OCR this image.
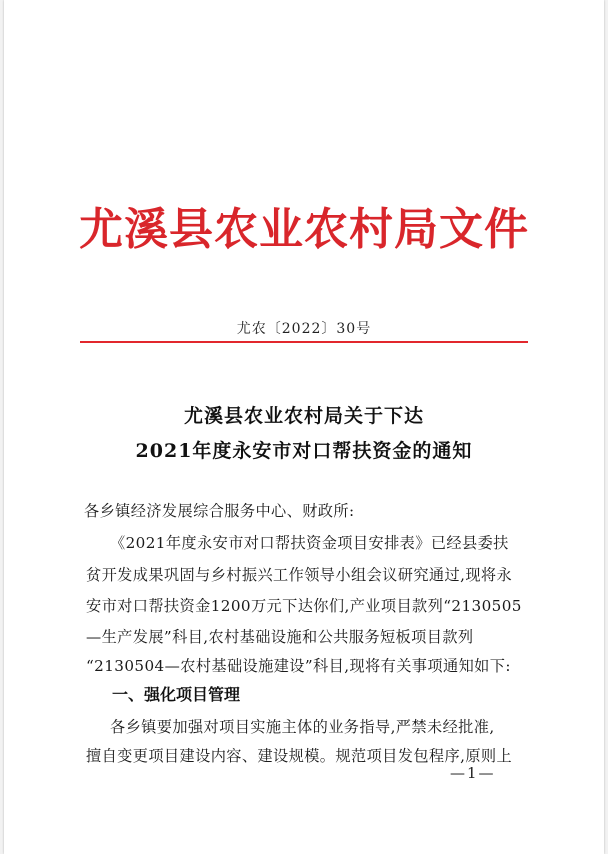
尤溪县农业农村局文件
尤农〔2022〕30号
尤溪县农业农村局关于下达
2021年度永安市对口帮扶资金的通知
各乡镇经济发展综合服务中心、财政所:
《2021年度永安市对口帮扶资金项目安排表》已经县委扶
贫开发成果巩固与乡村振兴工作领导小组会议研究通过,现将永
安市对口帮扶资金1200万元下达你们,产业项目款列“2130505
—生产发展”科目,农村基础设施和公共服务短板项目款列
“2130504—农村基础设施建设”科目,现将有关事项通知如下:
一、强化项目管理
各乡镇要加强对项目实施主体的业务指导,严禁未经批准,
擅自变更项目建设内容、建设规模。规范项目发包程序,原则上
—1—
